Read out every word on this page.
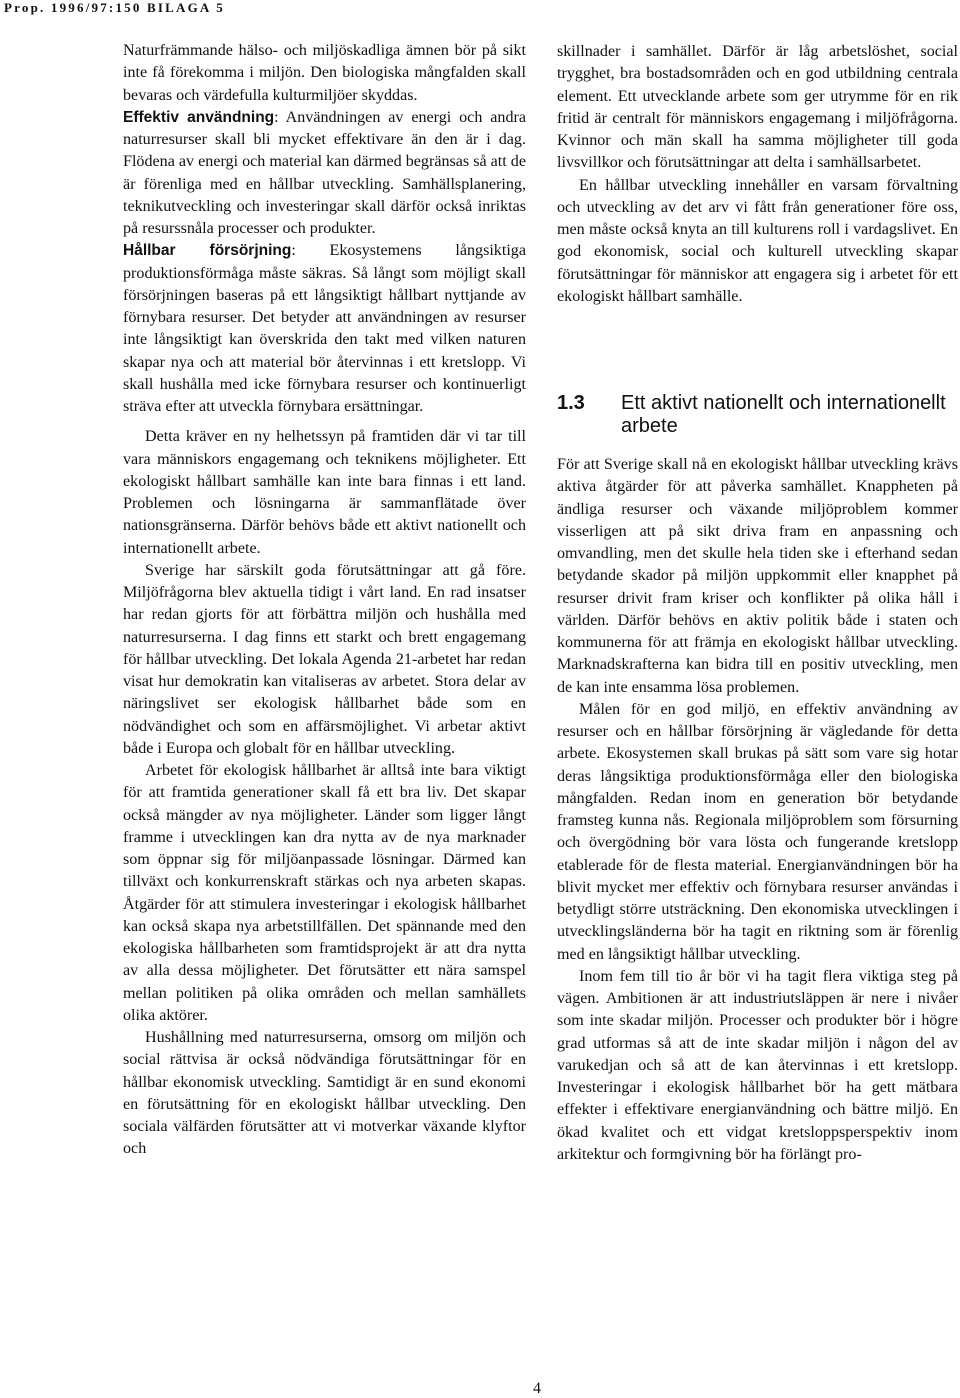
Prop. 1996/97:150 BILAGA 5

Naturfrämmande hälso- och miljöskadliga ämnen bör på sikt inte få förekomma i miljön. Den biologiska mångfalden skall bevaras och värdefulla kulturmiljöer skyddas.

Effektiv användning: Användningen av energi och andra naturresurser skall bli mycket effektivare än den är i dag. Flödena av energi och material kan därmed begränsas så att de är förenliga med en hållbar utveckling. Samhällsplanering, teknikutveckling och investeringar skall därför också inriktas på resurssnåla processer och produkter.

Hållbar försörjning: Ekosystemens långsiktiga produktionsförmåga måste säkras. Så långt som möjligt skall försörjningen baseras på ett långsiktigt hållbart nyttjande av förnybara resurser. Det betyder att användningen av resurser inte långsiktigt kan överskrida den takt med vilken naturen skapar nya och att material bör återvinnas i ett kretslopp. Vi skall hushålla med icke förnybara resurser och kontinuerligt sträva efter att utveckla förnybara ersättningar.

Detta kräver en ny helhetssyn på framtiden där vi tar till vara människors engagemang och teknikens möjligheter. Ett ekologiskt hållbart samhälle kan inte bara finnas i ett land. Problemen och lösningarna är sammanflätade över nationsgränserna. Därför behövs både ett aktivt nationellt och internationellt arbete.

Sverige har särskilt goda förutsättningar att gå före. Miljöfrågorna blev aktuella tidigt i vårt land. En rad insatser har redan gjorts för att förbättra miljön och hushålla med naturresurserna. I dag finns ett starkt och brett engagemang för hållbar utveckling. Det lokala Agenda 21-arbetet har redan visat hur demokratin kan vitaliseras av arbetet. Stora delar av näringslivet ser ekologisk hållbarhet både som en nödvändighet och som en affärsmöjlighet. Vi arbetar aktivt både i Europa och globalt för en hållbar utveckling.

Arbetet för ekologisk hållbarhet är alltså inte bara viktigt för att framtida generationer skall få ett bra liv. Det skapar också mängder av nya möjligheter. Länder som ligger långt framme i utvecklingen kan dra nytta av de nya marknader som öppnar sig för miljöanpassade lösningar. Därmed kan tillväxt och konkurrenskraft stärkas och nya arbeten skapas. Åtgärder för att stimulera investeringar i ekologisk hållbarhet kan också skapa nya arbetstillfällen. Det spännande med den ekologiska hållbarheten som framtidsprojekt är att dra nytta av alla dessa möjligheter. Det förutsätter ett nära samspel mellan politiken på olika områden och mellan samhällets olika aktörer.

Hushållning med naturresurserna, omsorg om miljön och social rättvisa är också nödvändiga förutsättningar för en hållbar ekonomisk utveckling. Samtidigt är en sund ekonomi en förutsättning för en ekologiskt hållbar utveckling. Den sociala välfärden förutsätter att vi motverkar växande klyftor och

skillnader i samhället. Därför är låg arbetslöshet, social trygghet, bra bostadsområden och en god utbildning centrala element. Ett utvecklande arbete som ger utrymme för en rik fritid är centralt för människors engagemang i miljöfrågorna. Kvinnor och män skall ha samma möjligheter till goda livsvillkor och förutsättningar att delta i samhällsarbetet.

En hållbar utveckling innehåller en varsam förvaltning och utveckling av det arv vi fått från generationer före oss, men måste också knyta an till kulturens roll i vardagslivet. En god ekonomisk, social och kulturell utveckling skapar förutsättningar för människor att engagera sig i arbetet för ett ekologiskt hållbart samhälle.

1.3	Ett aktivt nationellt och internationellt arbete

För att Sverige skall nå en ekologiskt hållbar utveckling krävs aktiva åtgärder för att påverka samhället. Knappheten på ändliga resurser och växande miljöproblem kommer visserligen att på sikt driva fram en anpassning och omvandling, men det skulle hela tiden ske i efterhand sedan betydande skador på miljön uppkommit eller knapphet på resurser drivit fram kriser och konflikter på olika håll i världen. Därför behövs en aktiv politik både i staten och kommunerna för att främja en ekologiskt hållbar utveckling. Marknadskrafterna kan bidra till en positiv utveckling, men de kan inte ensamma lösa problemen.

Målen för en god miljö, en effektiv användning av resurser och en hållbar försörjning är vägledande för detta arbete. Ekosystemen skall brukas på sätt som vare sig hotar deras långsiktiga produktionsförmåga eller den biologiska mångfalden. Redan inom en generation bör betydande framsteg kunna nås. Regionala miljöproblem som försurning och övergödning bör vara lösta och fungerande kretslopp etablerade för de flesta material. Energianvändningen bör ha blivit mycket mer effektiv och förnybara resurser användas i betydligt större utsträckning. Den ekonomiska utvecklingen i utvecklingsländerna bör ha tagit en riktning som är förenlig med en långsiktigt hållbar utveckling.

Inom fem till tio år bör vi ha tagit flera viktiga steg på vägen. Ambitionen är att industriutsläppen är nere i nivåer som inte skadar miljön. Processer och produkter bör i högre grad utformas så att de inte skadar miljön i någon del av varukedjan och så att de kan återvinnas i ett kretslopp. Investeringar i ekologisk hållbarhet bör ha gett mätbara effekter i effektivare energianvändning och bättre miljö. En ökad kvalitet och ett vidgat kretsloppsperspektiv inom arkitektur och formgivning bör ha förlängt pro-

4
